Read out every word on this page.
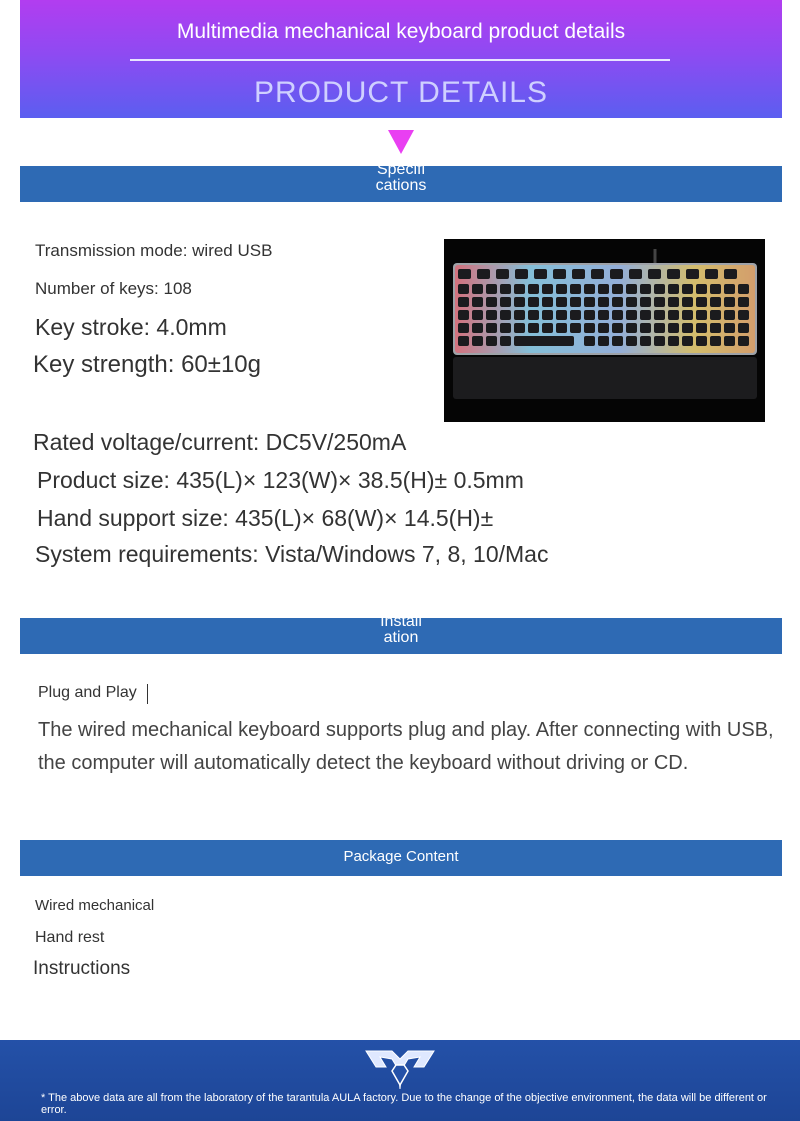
Multimedia mechanical keyboard product details
PRODUCT DETAILS
Specifi
cations
Transmission mode: wired USB
Number of keys: 108
Key stroke: 4.0mm
Key strength: 60±10g
Rated voltage/current: DC5V/250mA
Product size: 435(L)× 123(W)× 38.5(H)± 0.5mm
Hand support size: 435(L)× 68(W)× 14.5(H)±
System requirements: Vista/Windows 7, 8, 10/Mac
Install
ation
Plug and Play
The wired mechanical keyboard supports plug and play. After connecting with USB, the computer will automatically detect the keyboard without driving or CD.
Package Content
Wired mechanical
Hand rest
Instructions
* The above data are all from the laboratory of the tarantula AULA factory. Due to the change of the objective environment, the data will be different or error.
